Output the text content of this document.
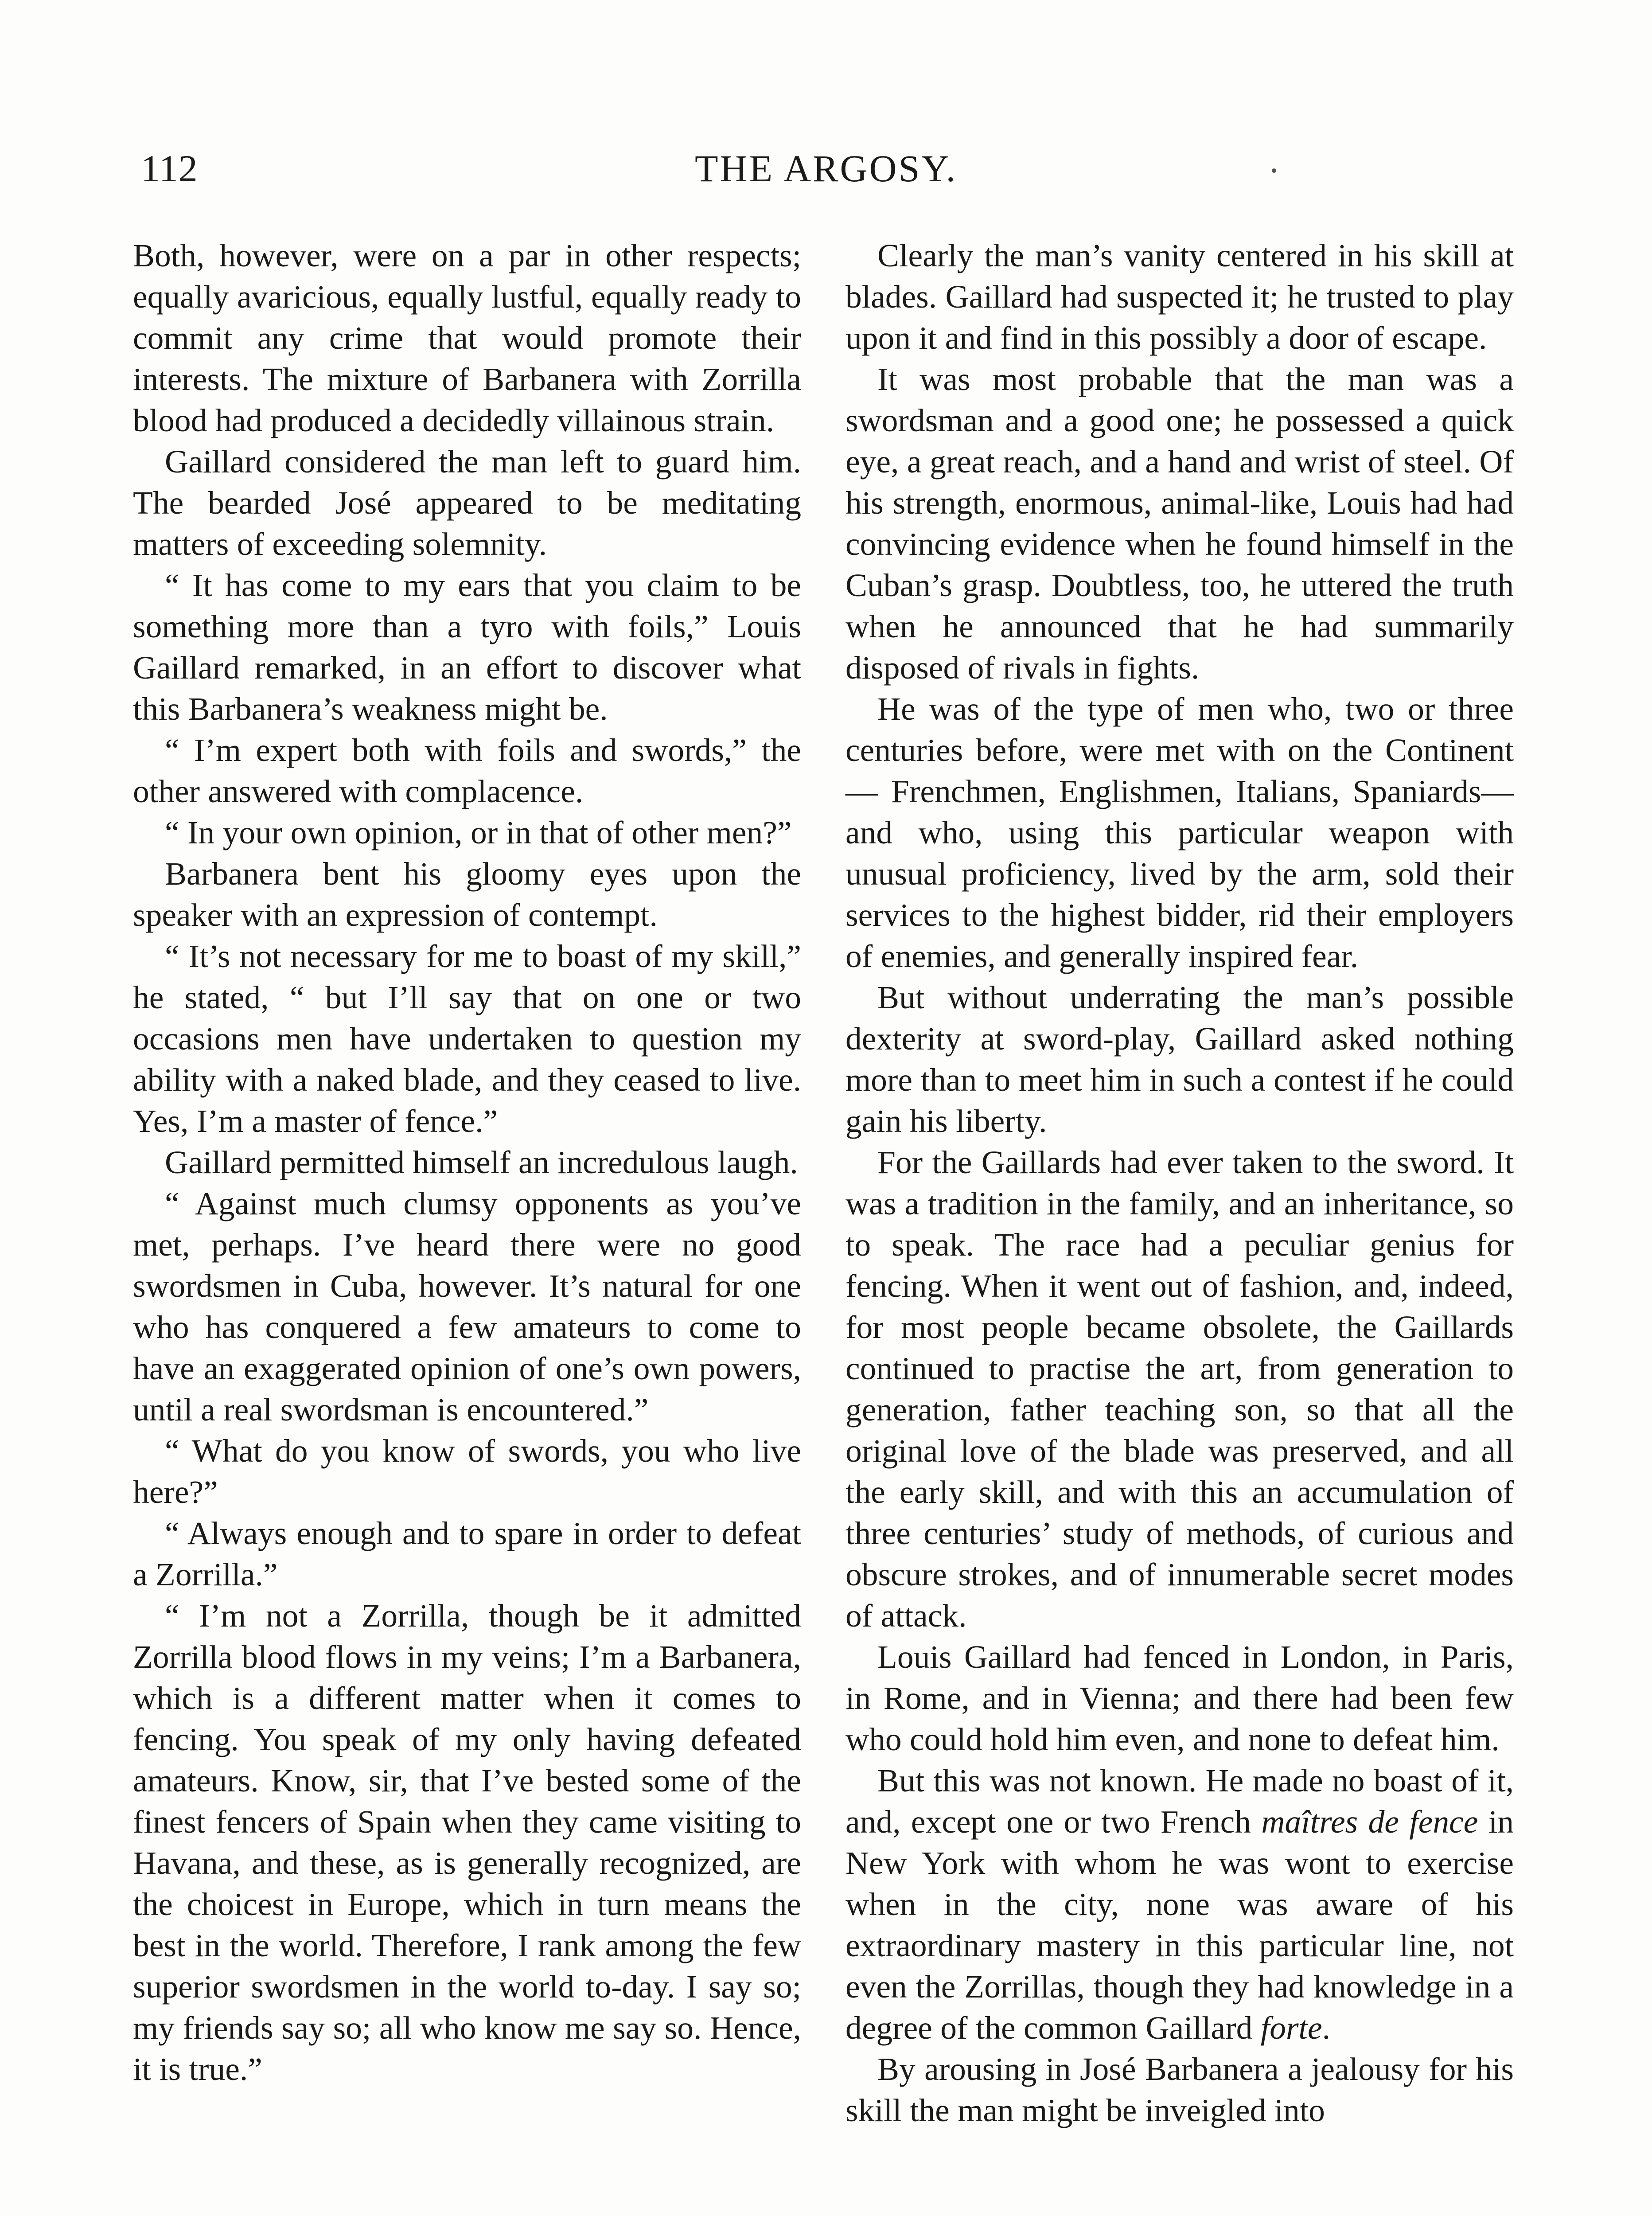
112	THE ARGOSY.

Both, however, were on a par in other respects; equally avaricious, equally lustful, equally ready to commit any crime that would promote their interests. The mixture of Barbanera with Zorrilla blood had produced a decidedly villainous strain.

Gaillard considered the man left to guard him. The bearded José appeared to be meditating matters of exceeding solemnity.

“ It has come to my ears that you claim to be something more than a tyro with foils,” Louis Gaillard remarked, in an effort to discover what this Barbanera’s weakness might be.

“ I’m expert both with foils and swords,” the other answered with complacence.

“ In your own opinion, or in that of other men?”

Barbanera bent his gloomy eyes upon the speaker with an expression of contempt.

“ It’s not necessary for me to boast of my skill,” he stated, “ but I’ll say that on one or two occasions men have undertaken to question my ability with a naked blade, and they ceased to live. Yes, I’m a master of fence.”

Gaillard permitted himself an incredulous laugh.

“ Against much clumsy opponents as you’ve met, perhaps. I’ve heard there were no good swordsmen in Cuba, however. It’s natural for one who has conquered a few amateurs to come to have an exaggerated opinion of one’s own powers, until a real swordsman is encountered.”

“ What do you know of swords, you who live here?”

“ Always enough and to spare in order to defeat a Zorrilla.”

“ I’m not a Zorrilla, though be it admitted Zorrilla blood flows in my veins; I’m a Barbanera, which is a different matter when it comes to fencing. You speak of my only having defeated amateurs. Know, sir, that I’ve bested some of the finest fencers of Spain when they came visiting to Havana, and these, as is generally recognized, are the choicest in Europe, which in turn means the best in the world. Therefore, I rank among the few superior swordsmen in the world to-day. I say so; my friends say so; all who know me say so. Hence, it is true.”

Clearly the man’s vanity centered in his skill at blades. Gaillard had suspected it; he trusted to play upon it and find in this possibly a door of escape.

It was most probable that the man was a swordsman and a good one; he possessed a quick eye, a great reach, and a hand and wrist of steel. Of his strength, enormous, animal-like, Louis had had convincing evidence when he found himself in the Cuban’s grasp. Doubtless, too, he uttered the truth when he announced that he had summarily disposed of rivals in fights.

He was of the type of men who, two or three centuries before, were met with on the Continent — Frenchmen, Englishmen, Italians, Spaniards—and who, using this particular weapon with unusual proficiency, lived by the arm, sold their services to the highest bidder, rid their employers of enemies, and generally inspired fear.

But without underrating the man’s possible dexterity at sword-play, Gaillard asked nothing more than to meet him in such a contest if he could gain his liberty.

For the Gaillards had ever taken to the sword. It was a tradition in the family, and an inheritance, so to speak. The race had a peculiar genius for fencing. When it went out of fashion, and, indeed, for most people became obsolete, the Gaillards continued to practise the art, from generation to generation, father teaching son, so that all the original love of the blade was preserved, and all the early skill, and with this an accumulation of three centuries’ study of methods, of curious and obscure strokes, and of innumerable secret modes of attack.

Louis Gaillard had fenced in London, in Paris, in Rome, and in Vienna; and there had been few who could hold him even, and none to defeat him.

But this was not known. He made no boast of it, and, except one or two French maîtres de fence in New York with whom he was wont to exercise when in the city, none was aware of his extraordinary mastery in this particular line, not even the Zorrillas, though they had knowledge in a degree of the common Gaillard forte.

By arousing in José Barbanera a jealousy for his skill the man might be inveigled into
